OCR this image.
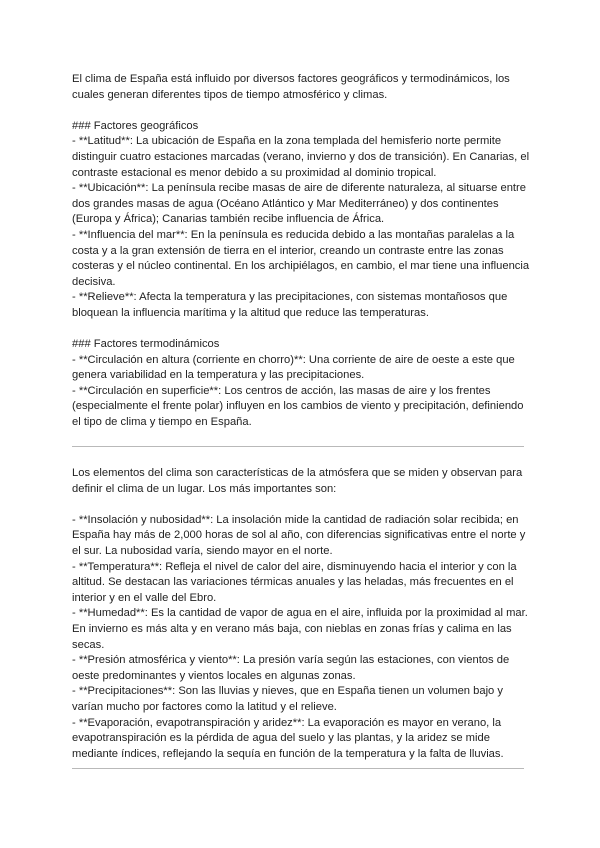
El clima de España está influido por diversos factores geográficos y termodinámicos, los cuales generan diferentes tipos de tiempo atmosférico y climas.

### Factores geográficos

- **Latitud**: La ubicación de España en la zona templada del hemisferio norte permite distinguir cuatro estaciones marcadas (verano, invierno y dos de transición). En Canarias, el contraste estacional es menor debido a su proximidad al dominio tropical.

- **Ubicación**: La península recibe masas de aire de diferente naturaleza, al situarse entre dos grandes masas de agua (Océano Atlántico y Mar Mediterráneo) y dos continentes (Europa y África); Canarias también recibe influencia de África.

- **Influencia del mar**: En la península es reducida debido a las montañas paralelas a la costa y a la gran extensión de tierra en el interior, creando un contraste entre las zonas costeras y el núcleo continental. En los archipiélagos, en cambio, el mar tiene una influencia decisiva.

- **Relieve**: Afecta la temperatura y las precipitaciones, con sistemas montañosos que bloquean la influencia marítima y la altitud que reduce las temperaturas.

### Factores termodinámicos

- **Circulación en altura (corriente en chorro)**: Una corriente de aire de oeste a este que genera variabilidad en la temperatura y las precipitaciones.

- **Circulación en superficie**: Los centros de acción, las masas de aire y los frentes (especialmente el frente polar) influyen en los cambios de viento y precipitación, definiendo el tipo de clima y tiempo en España.

Los elementos del clima son características de la atmósfera que se miden y observan para definir el clima de un lugar. Los más importantes son:

- **Insolación y nubosidad**: La insolación mide la cantidad de radiación solar recibida; en España hay más de 2,000 horas de sol al año, con diferencias significativas entre el norte y el sur. La nubosidad varía, siendo mayor en el norte.

- **Temperatura**: Refleja el nivel de calor del aire, disminuyendo hacia el interior y con la altitud. Se destacan las variaciones térmicas anuales y las heladas, más frecuentes en el interior y en el valle del Ebro.

- **Humedad**: Es la cantidad de vapor de agua en el aire, influida por la proximidad al mar. En invierno es más alta y en verano más baja, con nieblas en zonas frías y calima en las secas.

- **Presión atmosférica y viento**: La presión varía según las estaciones, con vientos de oeste predominantes y vientos locales en algunas zonas.

- **Precipitaciones**: Son las lluvias y nieves, que en España tienen un volumen bajo y varían mucho por factores como la latitud y el relieve.

- **Evaporación, evapotranspiración y aridez**: La evaporación es mayor en verano, la evapotranspiración es la pérdida de agua del suelo y las plantas, y la aridez se mide mediante índices, reflejando la sequía en función de la temperatura y la falta de lluvias.
